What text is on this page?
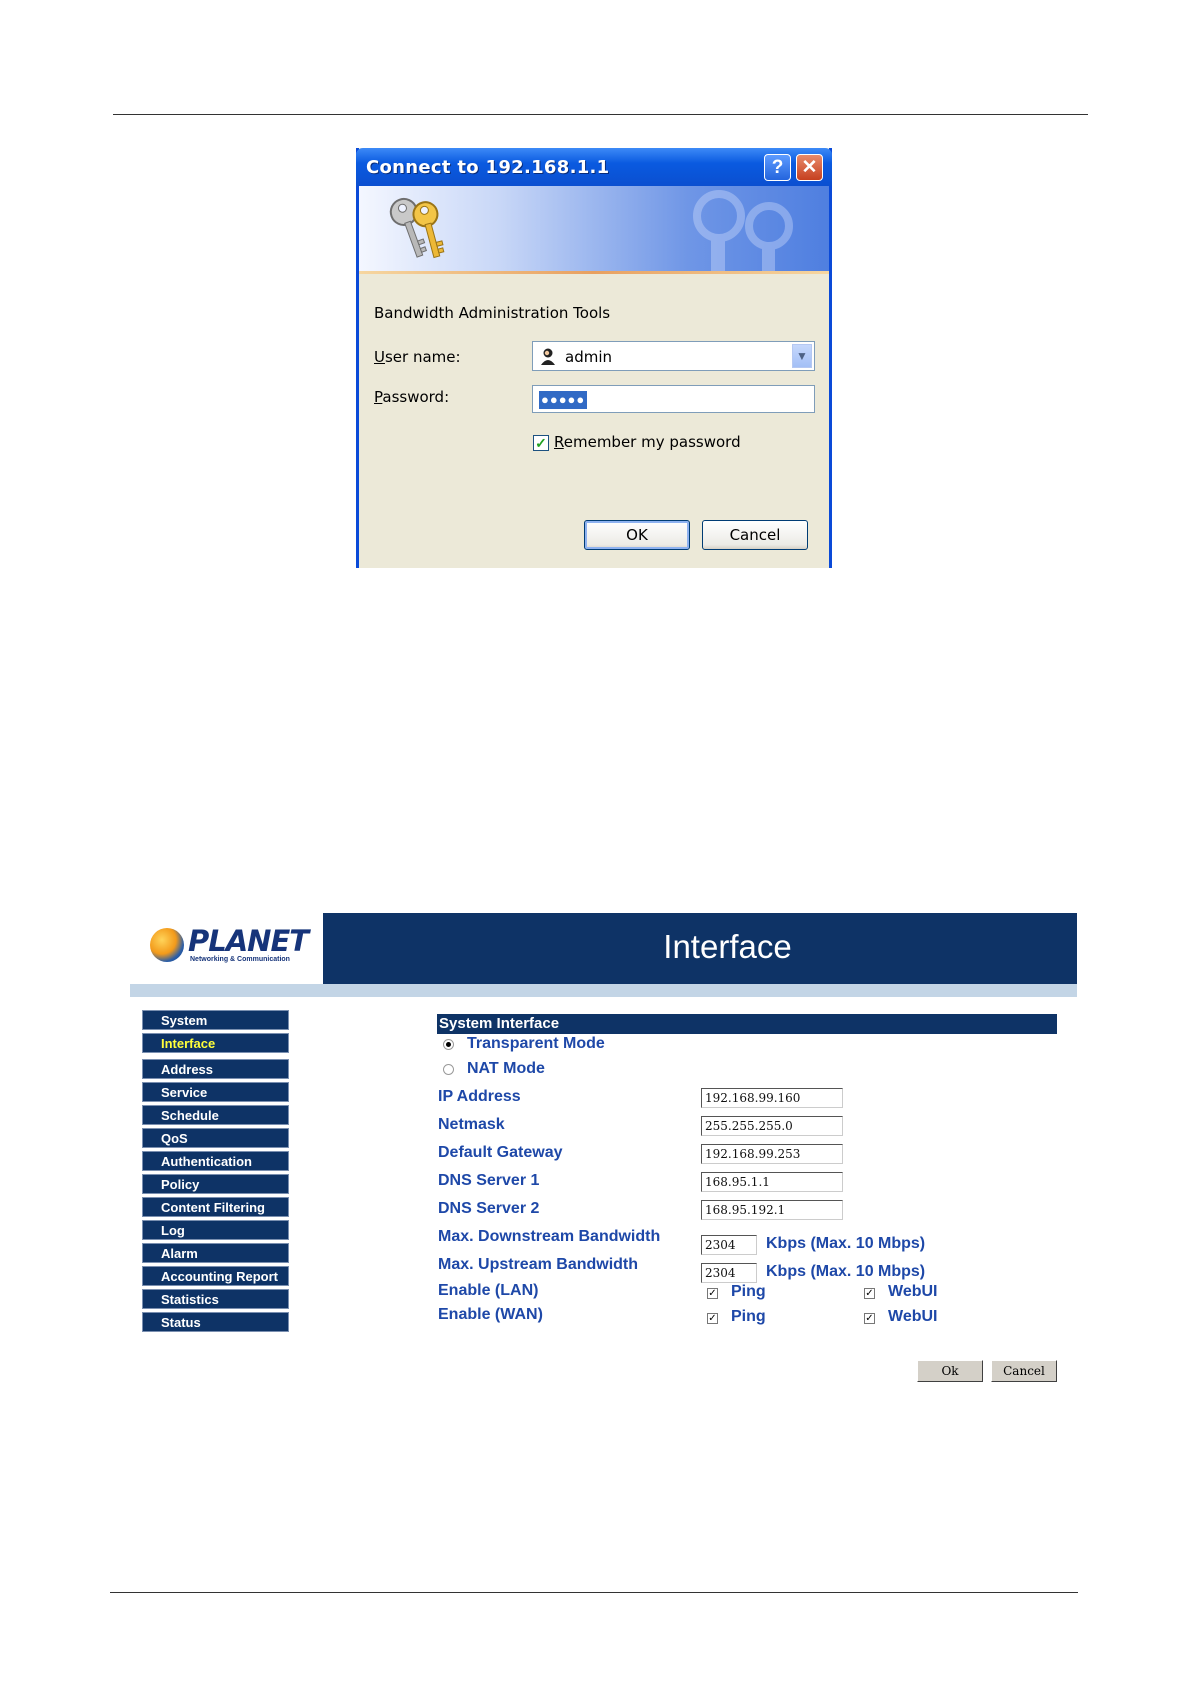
Connect to 192.168.1.1	? ✕
Bandwidth Administration Tools
User name:	admin	▼
Password:	●●●●●
✓ Remember my password
OK	Cancel
PLANET
Networking & Communication	Interface
System
Interface
Address
Service
Schedule
QoS
Authentication
Policy
Content Filtering
Log
Alarm
Accounting Report
Statistics
Status
System Interface
Transparent Mode
NAT Mode
IP Address	192.168.99.160
Netmask	255.255.255.0
Default Gateway	192.168.99.253
DNS Server 1	168.95.1.1
DNS Server 2	168.95.192.1
Max. Downstream Bandwidth	2304	Kbps (Max. 10 Mbps)
Max. Upstream Bandwidth	2304	Kbps (Max. 10 Mbps)
Enable (LAN)	✓ Ping	✓ WebUI
Enable (WAN)	✓ Ping	✓ WebUI
Ok	Cancel
